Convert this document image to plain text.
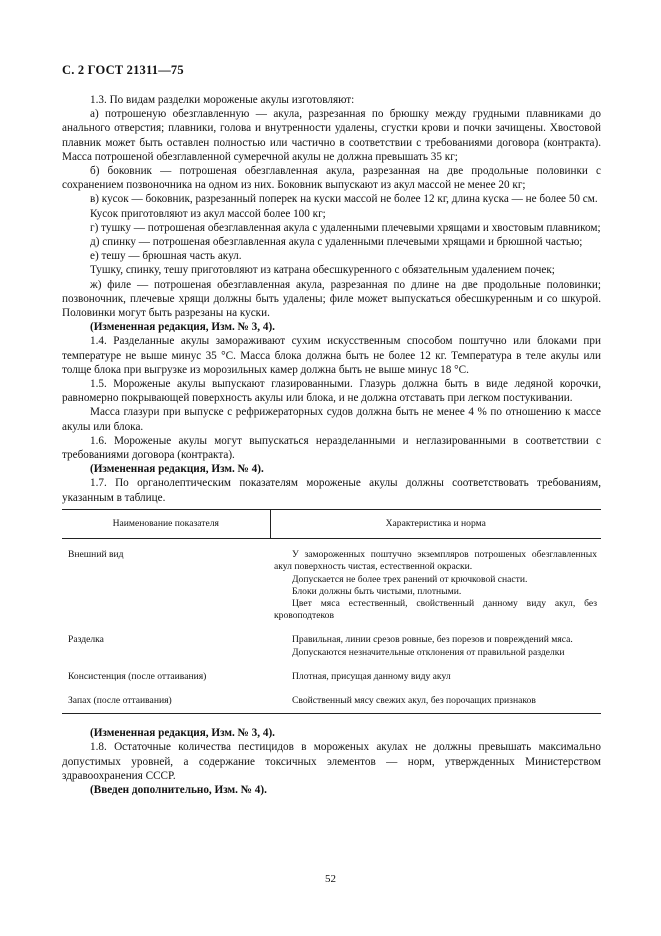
С. 2 ГОСТ 21311—75

1.3. По видам разделки мороженые акулы изготовляют:

а) потрошеную обезглавленную — акула, разрезанная по брюшку между грудными плавниками до анального отверстия; плавники, голова и внутренности удалены, сгустки крови и почки зачищены. Хвостовой плавник может быть оставлен полностью или частично в соответствии с требованиями договора (контракта). Масса потрошеной обезглавленной сумеречной акулы не должна превышать 35 кг;

б) боковник — потрошеная обезглавленная акула, разрезанная на две продольные половинки с сохранением позвоночника на одном из них. Боковник выпускают из акул массой не менее 20 кг;

в) кусок — боковник, разрезанный поперек на куски массой не более 12 кг, длина куска — не более 50 см.

Кусок приготовляют из акул массой более 100 кг;

г) тушку — потрошеная обезглавленная акула с удаленными плечевыми хрящами и хвостовым плавником;

д) спинку — потрошеная обезглавленная акула с удаленными плечевыми хрящами и брюшной частью;

е) тешу — брюшная часть акул.

Тушку, спинку, тешу приготовляют из катрана обесшкуренного с обязательным удалением почек;

ж) филе — потрошеная обезглавленная акула, разрезанная по длине на две продольные половинки; позвоночник, плечевые хрящи должны быть удалены; филе может выпускаться обесшкуренным и со шкурой. Половинки могут быть разрезаны на куски.

(Измененная редакция, Изм. № 3, 4).

1.4. Разделанные акулы замораживают сухим искусственным способом поштучно или блоками при температуре не выше минус 35 °С. Масса блока должна быть не более 12 кг. Температура в теле акулы или толще блока при выгрузке из морозильных камер должна быть не выше минус 18 °С.

1.5. Мороженые акулы выпускают глазированными. Глазурь должна быть в виде ледяной корочки, равномерно покрывающей поверхность акулы или блока, и не должна отставать при легком постукивании.

Масса глазури при выпуске с рефрижераторных судов должна быть не менее 4 % по отношению к массе акулы или блока.

1.6. Мороженые акулы могут выпускаться неразделанными и неглазированными в соответствии с требованиями договора (контракта).

(Измененная редакция, Изм. № 4).

1.7. По органолептическим показателям мороженые акулы должны соответствовать требованиям, указанным в таблице.

Наименование показателя	Характеристика и норма

Внешний вид	У замороженных поштучно экземпляров потрошеных обезглавленных акул поверхность чистая, естественной окраски.
Допускается не более трех ранений от крючковой снасти.
Блоки должны быть чистыми, плотными.
Цвет мяса естественный, свойственный данному виду акул, без кровоподтеков

Разделка	Правильная, линии срезов ровные, без порезов и повреждений мяса.
Допускаются незначительные отклонения от правильной разделки

Консистенция (после оттаивания)	Плотная, присущая данному виду акул

Запах (после оттаивания)	Свойственный мясу свежих акул, без порочащих признаков

(Измененная редакция, Изм. № 3, 4).

1.8. Остаточные количества пестицидов в мороженых акулах не должны превышать максимально допустимых уровней, а содержание токсичных элементов — норм, утвержденных Министерством здравоохранения СССР.

(Введен дополнительно, Изм. № 4).

52
